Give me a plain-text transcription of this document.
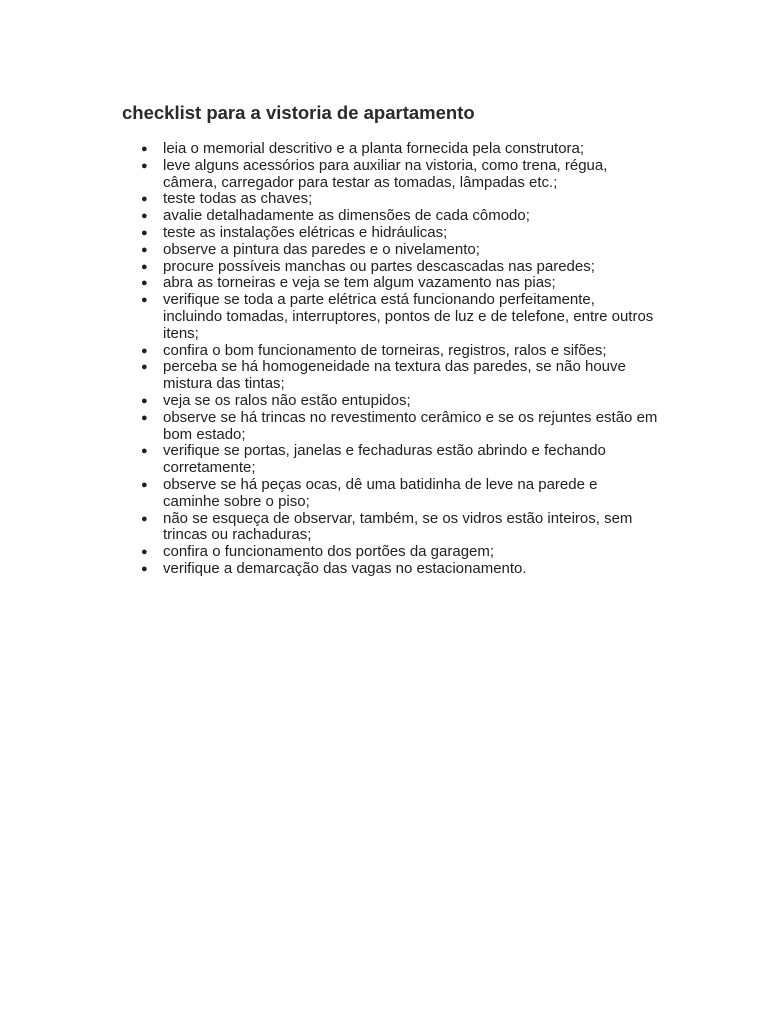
checklist para a vistoria de apartamento
● leia o memorial descritivo e a planta fornecida pela construtora;
● leve alguns acessórios para auxiliar na vistoria, como trena, régua, câmera, carregador para testar as tomadas, lâmpadas etc.;
● teste todas as chaves;
● avalie detalhadamente as dimensões de cada cômodo;
● teste as instalações elétricas e hidráulicas;
● observe a pintura das paredes e o nivelamento;
● procure possíveis manchas ou partes descascadas nas paredes;
● abra as torneiras e veja se tem algum vazamento nas pias;
● verifique se toda a parte elétrica está funcionando perfeitamente, incluindo tomadas, interruptores, pontos de luz e de telefone, entre outros itens;
● confira o bom funcionamento de torneiras, registros, ralos e sifões;
● perceba se há homogeneidade na textura das paredes, se não houve mistura das tintas;
● veja se os ralos não estão entupidos;
● observe se há trincas no revestimento cerâmico e se os rejuntes estão em bom estado;
● verifique se portas, janelas e fechaduras estão abrindo e fechando corretamente;
● observe se há peças ocas, dê uma batidinha de leve na parede e caminhe sobre o piso;
● não se esqueça de observar, também, se os vidros estão inteiros, sem trincas ou rachaduras;
● confira o funcionamento dos portões da garagem;
● verifique a demarcação das vagas no estacionamento.
